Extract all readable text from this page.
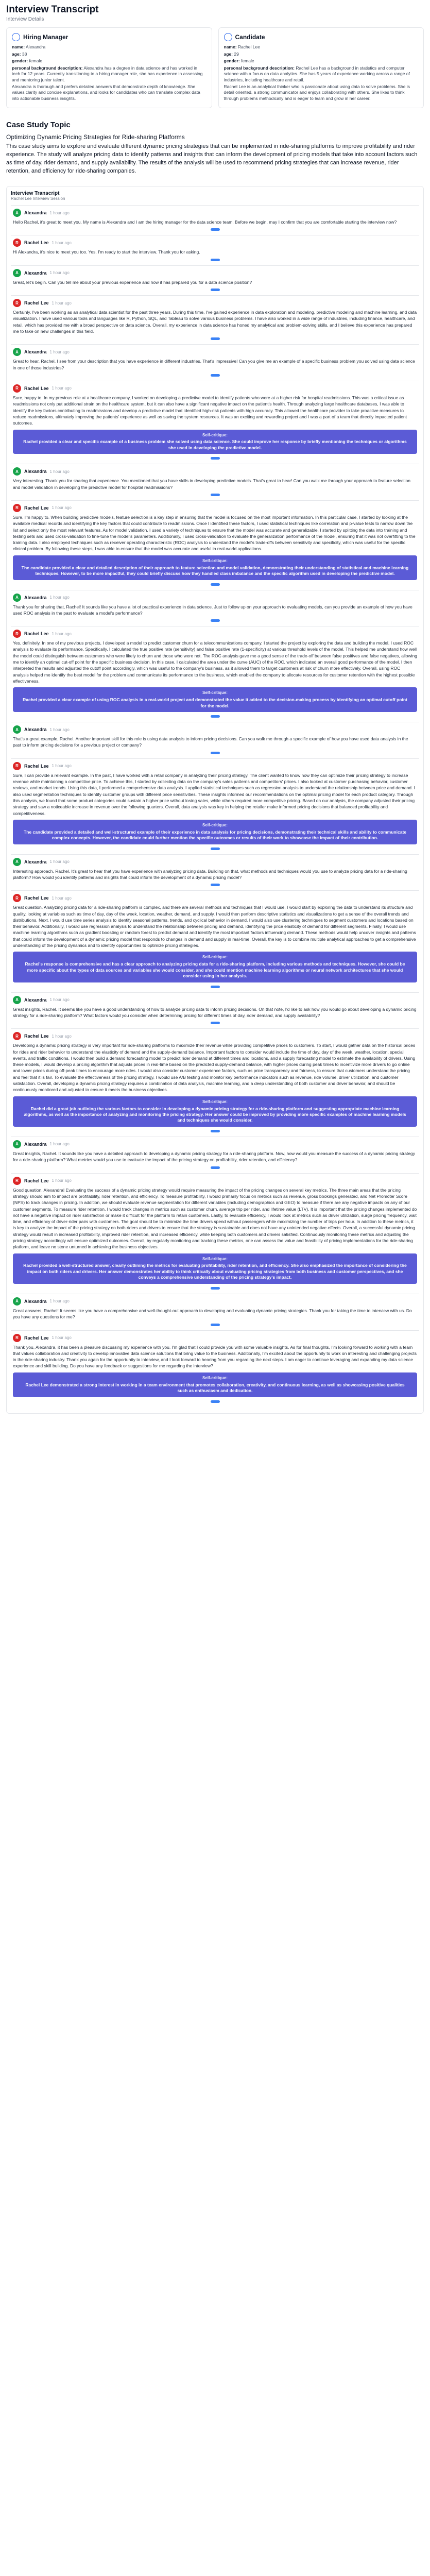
Interview Transcript
Interview Details
Hiring Manager
name: Alexandra
age: 38
gender: female
personal background description: Alexandra has a degree in data science and has worked in tech for 12 years. Currently transitioning to a hiring manager role, she has experience in assessing and mentoring junior talent.
Alexandra is thorough and prefers detailed answers that demonstrate depth of knowledge. She values clarity and concise explanations, and looks for candidates who can translate complex data into actionable business insights.
Candidate
name: Rachel Lee
age: 29
gender: female
personal background description: Rachel Lee has a background in statistics and computer science with a focus on data analytics. She has 5 years of experience working across a range of industries, including healthcare and retail.
Rachel Lee is an analytical thinker who is passionate about using data to solve problems. She is detail oriented, a strong communicator and enjoys collaborating with others. She likes to think through problems methodically and is eager to learn and grow in her career.
Case Study Topic
Optimizing Dynamic Pricing Strategies for Ride-sharing Platforms
This case study aims to explore and evaluate different dynamic pricing strategies that can be implemented in ride-sharing platforms to improve profitability and rider experience. The study will analyze pricing data to identify patterns and insights that can inform the development of pricing models that take into account factors such as time of day, rider demand, and supply availability. The results of the analysis will be used to recommend pricing strategies that can increase revenue, rider retention, and efficiency for ride-sharing companies.
Interview Transcript
Rachel Lee Interview Session
A	Alexandra 1 hour ago
Hello Rachel, it's great to meet you. My name is Alexandra and I am the hiring manager for the data science team. Before we begin, may I confirm that you are comfortable starting the interview now?
R	Rachel Lee 1 hour ago
Hi Alexandra, it's nice to meet you too. Yes, I'm ready to start the interview. Thank you for asking.
A	Alexandra 1 hour ago
Great, let's begin. Can you tell me about your previous experience and how it has prepared you for a data science position?
R	Rachel Lee 1 hour ago
Certainly. I've been working as an analytical data scientist for the past three years. During this time, I've gained experience in data exploration and modeling, predictive modeling and machine learning, and data visualization. I have used various tools and languages like R, Python, SQL, and Tableau to solve various business problems. I have also worked in a wide range of industries, including finance, healthcare, and retail, which has provided me with a broad perspective on data science. Overall, my experience in data science has honed my analytical and problem-solving skills, and I believe this experience has prepared me to take on new challenges in this field.
A	Alexandra 1 hour ago
Great to hear, Rachel. I see from your description that you have experience in different industries. That's impressive! Can you give me an example of a specific business problem you solved using data science in one of those industries?
R	Rachel Lee 1 hour ago
Sure, happy to. In my previous role at a healthcare company, I worked on developing a predictive model to identify patients who were at a higher risk for hospital readmissions. This was a critical issue as readmissions not only put additional strain on the healthcare system, but it can also have a significant negative impact on the patient's health. Through analyzing large healthcare databases, I was able to identify the key factors contributing to readmissions and develop a predictive model that identified high-risk patients with high accuracy. This allowed the healthcare provider to take proactive measures to reduce readmissions, ultimately improving the patients' experience as well as saving the system resources. It was an exciting and rewarding project and I was a part of a team that directly impacted patient outcomes.
Self-critique:
Rachel provided a clear and specific example of a business problem she solved using data science. She could improve her response by briefly mentioning the techniques or algorithms she used in developing the predictive model.
A	Alexandra 1 hour ago
Very interesting. Thank you for sharing that experience. You mentioned that you have skills in developing predictive models. That's great to hear! Can you walk me through your approach to feature selection and model validation in developing the predictive model for hospital readmissions?
R	Rachel Lee 1 hour ago
Sure, I'm happy to. When building predictive models, feature selection is a key step in ensuring that the model is focused on the most important information. In this particular case, I started by looking at the available medical records and identifying the key factors that could contribute to readmissions. Once I identified these factors, I used statistical techniques like correlation and p-value tests to narrow down the list and select only the most relevant features. As for model validation, I used a variety of techniques to ensure that the model was accurate and generalizable. I started by splitting the data into training and testing sets and used cross-validation to fine-tune the model's parameters. Additionally, I used cross-validation to evaluate the generalization performance of the model, ensuring that it was not overfitting to the training data. I also employed techniques such as receiver operating characteristic (ROC) analysis to understand the model's trade-offs between sensitivity and specificity, which was useful for the specific clinical problem. By following these steps, I was able to ensure that the model was accurate and useful in real-world applications.
Self-critique:
The candidate provided a clear and detailed description of their approach to feature selection and model validation, demonstrating their understanding of statistical and machine learning techniques. However, to be more impactful, they could briefly discuss how they handled class imbalance and the specific algorithm used in developing the predictive model.
A	Alexandra 1 hour ago
Thank you for sharing that, Rachel! It sounds like you have a lot of practical experience in data science. Just to follow up on your approach to evaluating models, can you provide an example of how you have used ROC analysis in the past to evaluate a model's performance?
R	Rachel Lee 1 hour ago
Yes, definitely. In one of my previous projects, I developed a model to predict customer churn for a telecommunications company. I started the project by exploring the data and building the model. I used ROC analysis to evaluate its performance. Specifically, I calculated the true positive rate (sensitivity) and false positive rate (1-specificity) at various threshold levels of the model. This helped me understand how well the model could distinguish between customers who were likely to churn and those who were not. The ROC analysis gave me a good sense of the trade-off between false positives and false negatives, allowing me to identify an optimal cut-off point for the specific business decision. In this case, I calculated the area under the curve (AUC) of the ROC, which indicated an overall good performance of the model. I then interpreted the results and adjusted the cutoff point accordingly, which was useful to the company's business, as it allowed them to target customers at risk of churn more effectively. Overall, using ROC analysis helped me identify the best model for the problem and communicate its performance to the business, which enabled the company to allocate resources for customer retention with the highest possible effectiveness.
Self-critique:
Rachel provided a clear example of using ROC analysis in a real-world project and demonstrated the value it added to the decision-making process by identifying an optimal cutoff point for the model.
A	Alexandra 1 hour ago
That's a great example, Rachel. Another important skill for this role is using data analysis to inform pricing decisions. Can you walk me through a specific example of how you have used data analysis in the past to inform pricing decisions for a previous project or company?
R	Rachel Lee 1 hour ago
Sure, I can provide a relevant example. In the past, I have worked with a retail company in analyzing their pricing strategy. The client wanted to know how they can optimize their pricing strategy to increase revenue while maintaining a competitive price. To achieve this, I started by collecting data on the company's sales patterns and competitors' prices. I also looked at customer purchasing behavior, customer reviews, and market trends. Using this data, I performed a comprehensive data analysis. I applied statistical techniques such as regression analysis to understand the relationship between price and demand. I also used segmentation techniques to identify customer groups with different price sensitivities. These insights informed our recommendations on the optimal pricing model for each product category. Through this analysis, we found that some product categories could sustain a higher price without losing sales, while others required more competitive pricing. Based on our analysis, the company adjusted their pricing strategy and saw a noticeable increase in revenue over the following quarters. Overall, data analysis was key in helping the retailer make informed pricing decisions that balanced profitability and competitiveness.
Self-critique:
The candidate provided a detailed and well-structured example of their experience in data analysis for pricing decisions, demonstrating their technical skills and ability to communicate complex concepts. However, the candidate could further mention the specific outcomes or results of their work to showcase the impact of their contribution.
A	Alexandra 1 hour ago
Interesting approach, Rachel. It's great to hear that you have experience with analyzing pricing data. Building on that, what methods and techniques would you use to analyze pricing data for a ride-sharing platform? How would you identify patterns and insights that could inform the development of a dynamic pricing model?
R	Rachel Lee 1 hour ago
Great question. Analyzing pricing data for a ride-sharing platform is complex, and there are several methods and techniques that I would use. I would start by exploring the data to understand its structure and quality, looking at variables such as time of day, day of the week, location, weather, demand, and supply. I would then perform descriptive statistics and visualizations to get a sense of the overall trends and distributions. Next, I would use time series analysis to identify seasonal patterns, trends, and cyclical behavior in demand. I would also use clustering techniques to segment customers and locations based on their behavior. Additionally, I would use regression analysis to understand the relationship between pricing and demand, identifying the price elasticity of demand for different segments. Finally, I would use machine learning algorithms such as gradient boosting or random forest to predict demand and identify the most important factors influencing demand. These methods would help uncover insights and patterns that could inform the development of a dynamic pricing model that responds to changes in demand and supply in real-time. Overall, the key is to combine multiple analytical approaches to get a comprehensive understanding of the pricing dynamics and to identify opportunities to optimize pricing strategies.
Self-critique:
Rachel's response is comprehensive and has a clear approach to analyzing pricing data for a ride-sharing platform, including various methods and techniques. However, she could be more specific about the types of data sources and variables she would consider, and she could mention machine learning algorithms or neural network architectures that she would consider using in her analysis.
A	Alexandra 1 hour ago
Great insights, Rachel. It seems like you have a good understanding of how to analyze pricing data to inform pricing decisions. On that note, I'd like to ask how you would go about developing a dynamic pricing strategy for a ride-sharing platform? What factors would you consider when determining pricing for different times of day, rider demand, and supply availability?
R	Rachel Lee 1 hour ago
Developing a dynamic pricing strategy is very important for ride-sharing platforms to maximize their revenue while providing competitive prices to customers. To start, I would gather data on the historical prices for rides and rider behavior to understand the elasticity of demand and the supply-demand balance. Important factors to consider would include the time of day, day of the week, weather, location, special events, and traffic conditions. I would then build a demand forecasting model to predict rider demand at different times and locations, and a supply forecasting model to estimate the availability of drivers. Using these models, I would develop a pricing algorithm that adjusts prices in real-time based on the predicted supply-demand balance, with higher prices during peak times to incentivize more drivers to go online and lower prices during off-peak times to encourage more rides. I would also consider customer experience factors, such as price transparency and fairness, to ensure that customers understand the pricing and feel that it is fair. To evaluate the effectiveness of the pricing strategy, I would use A/B testing and monitor key performance indicators such as revenue, ride volume, driver utilization, and customer satisfaction. Overall, developing a dynamic pricing strategy requires a combination of data analysis, machine learning, and a deep understanding of both customer and driver behavior, and should be continuously monitored and adjusted to ensure it meets the business objectives.
Self-critique:
Rachel did a great job outlining the various factors to consider in developing a dynamic pricing strategy for a ride-sharing platform and suggesting appropriate machine learning algorithms, as well as the importance of analyzing and monitoring the pricing strategy. Her answer could be improved by providing more specific examples of machine learning models and techniques she would consider.
A	Alexandra 1 hour ago
Great insights, Rachel. It sounds like you have a detailed approach to developing a dynamic pricing strategy for a ride-sharing platform. Now, how would you measure the success of a dynamic pricing strategy for a ride-sharing platform? What metrics would you use to evaluate the impact of the pricing strategy on profitability, rider retention, and efficiency?
R	Rachel Lee 1 hour ago
Good question, Alexandra! Evaluating the success of a dynamic pricing strategy would require measuring the impact of the pricing changes on several key metrics. The three main areas that the pricing strategy should aim to impact are profitability, rider retention, and efficiency. To measure profitability, I would primarily focus on metrics such as revenue, gross bookings generated, and Net Promoter Score (NPS) to track changes in pricing. In addition, we should evaluate revenue segmentation for different variables (including demographics and GEO) to measure if there are any negative impacts on any of our customer segments. To measure rider retention, I would track changes in metrics such as customer churn, average trip per rider, and lifetime value (LTV). It is important that the pricing changes implemented do not have a negative impact on rider satisfaction or make it difficult for the platform to retain customers. Lastly, to evaluate efficiency, I would look at metrics such as driver utilization, surge pricing frequency, wait time, and efficiency of driver-rider pairs with customers. The goal should be to minimize the time drivers spend without passengers while maximizing the number of trips per hour. In addition to these metrics, it is key to analyze the impact of the pricing strategy on both riders and drivers to ensure that the strategy is sustainable and does not have any unintended negative effects. Overall, a successful dynamic pricing strategy would result in increased profitability, improved rider retention, and increased efficiency, while keeping both customers and drivers satisfied. Continuously monitoring these metrics and adjusting the pricing strategy accordingly will ensure optimized outcomes. Overall, by regularly monitoring and tracking these metrics, one can assess the value and feasibility of pricing implementations for the ride-sharing platform, and leave no stone unturned in achieving the business objectives.
Self-critique:
Rachel provided a well-structured answer, clearly outlining the metrics for evaluating profitability, rider retention, and efficiency. She also emphasized the importance of considering the impact on both riders and drivers. Her answer demonstrates her ability to think critically about evaluating pricing strategies from both business and customer perspectives, and she conveys a comprehensive understanding of the pricing strategy's impact.
A	Alexandra 1 hour ago
Great answers, Rachel! It seems like you have a comprehensive and well-thought-out approach to developing and evaluating dynamic pricing strategies. Thank you for taking the time to interview with us. Do you have any questions for me?
R	Rachel Lee 1 hour ago
Thank you, Alexandra, it has been a pleasure discussing my experience with you. I'm glad that I could provide you with some valuable insights. As for final thoughts, I'm looking forward to working with a team that values collaboration and creativity to develop innovative data science solutions that bring value to the business. Additionally, I'm excited about the opportunity to work on interesting and challenging projects in the ride-sharing industry. Thank you again for the opportunity to interview, and I look forward to hearing from you regarding the next steps. I am eager to continue leveraging and expanding my data science experience and skill building. Do you have any feedback or suggestions for me regarding the interview?
Self-critique:
Rachel Lee demonstrated a strong interest in working in a team environment that promotes collaboration, creativity, and continuous learning, as well as showcasing positive qualities such as enthusiasm and dedication.
